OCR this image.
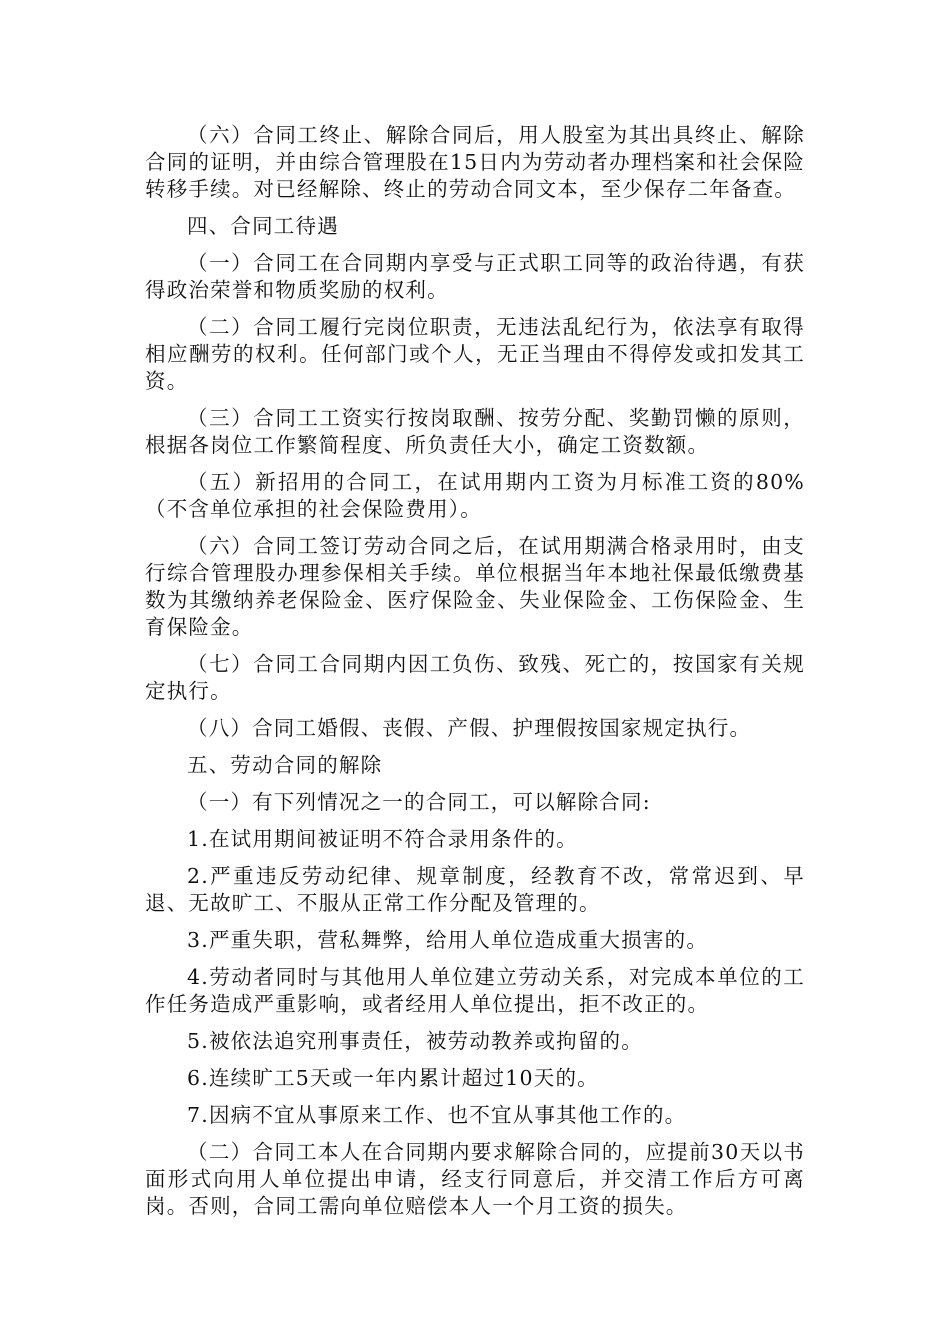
（六）合同工终止、解除合同后，用人股室为其出具终止、解除合同的证明，并由综合管理股在15日内为劳动者办理档案和社会保险转移手续。对已经解除、终止的劳动合同文本，至少保存二年备查。

四、合同工待遇

（一）合同工在合同期内享受与正式职工同等的政治待遇，有获得政治荣誉和物质奖励的权利。

（二）合同工履行完岗位职责，无违法乱纪行为，依法享有取得相应酬劳的权利。任何部门或个人，无正当理由不得停发或扣发其工资。

（三）合同工工资实行按岗取酬、按劳分配、奖勤罚懒的原则，根据各岗位工作繁简程度、所负责任大小，确定工资数额。

（五）新招用的合同工，在试用期内工资为月标准工资的80%（不含单位承担的社会保险费用）。

（六）合同工签订劳动合同之后，在试用期满合格录用时，由支行综合管理股办理参保相关手续。单位根据当年本地社保最低缴费基数为其缴纳养老保险金、医疗保险金、失业保险金、工伤保险金、生育保险金。

（七）合同工合同期内因工负伤、致残、死亡的，按国家有关规定执行。

（八）合同工婚假、丧假、产假、护理假按国家规定执行。

五、劳动合同的解除

（一）有下列情况之一的合同工，可以解除合同:

1.在试用期间被证明不符合录用条件的。

2.严重违反劳动纪律、规章制度，经教育不改，常常迟到、早退、无故旷工、不服从正常工作分配及管理的。

3.严重失职，营私舞弊，给用人单位造成重大损害的。

4.劳动者同时与其他用人单位建立劳动关系，对完成本单位的工作任务造成严重影响，或者经用人单位提出，拒不改正的。

5.被依法追究刑事责任，被劳动教养或拘留的。

6.连续旷工5天或一年内累计超过10天的。

7.因病不宜从事原来工作、也不宜从事其他工作的。

（二）合同工本人在合同期内要求解除合同的，应提前30天以书面形式向用人单位提出申请，经支行同意后，并交清工作后方可离岗。否则，合同工需向单位赔偿本人一个月工资的损失。
